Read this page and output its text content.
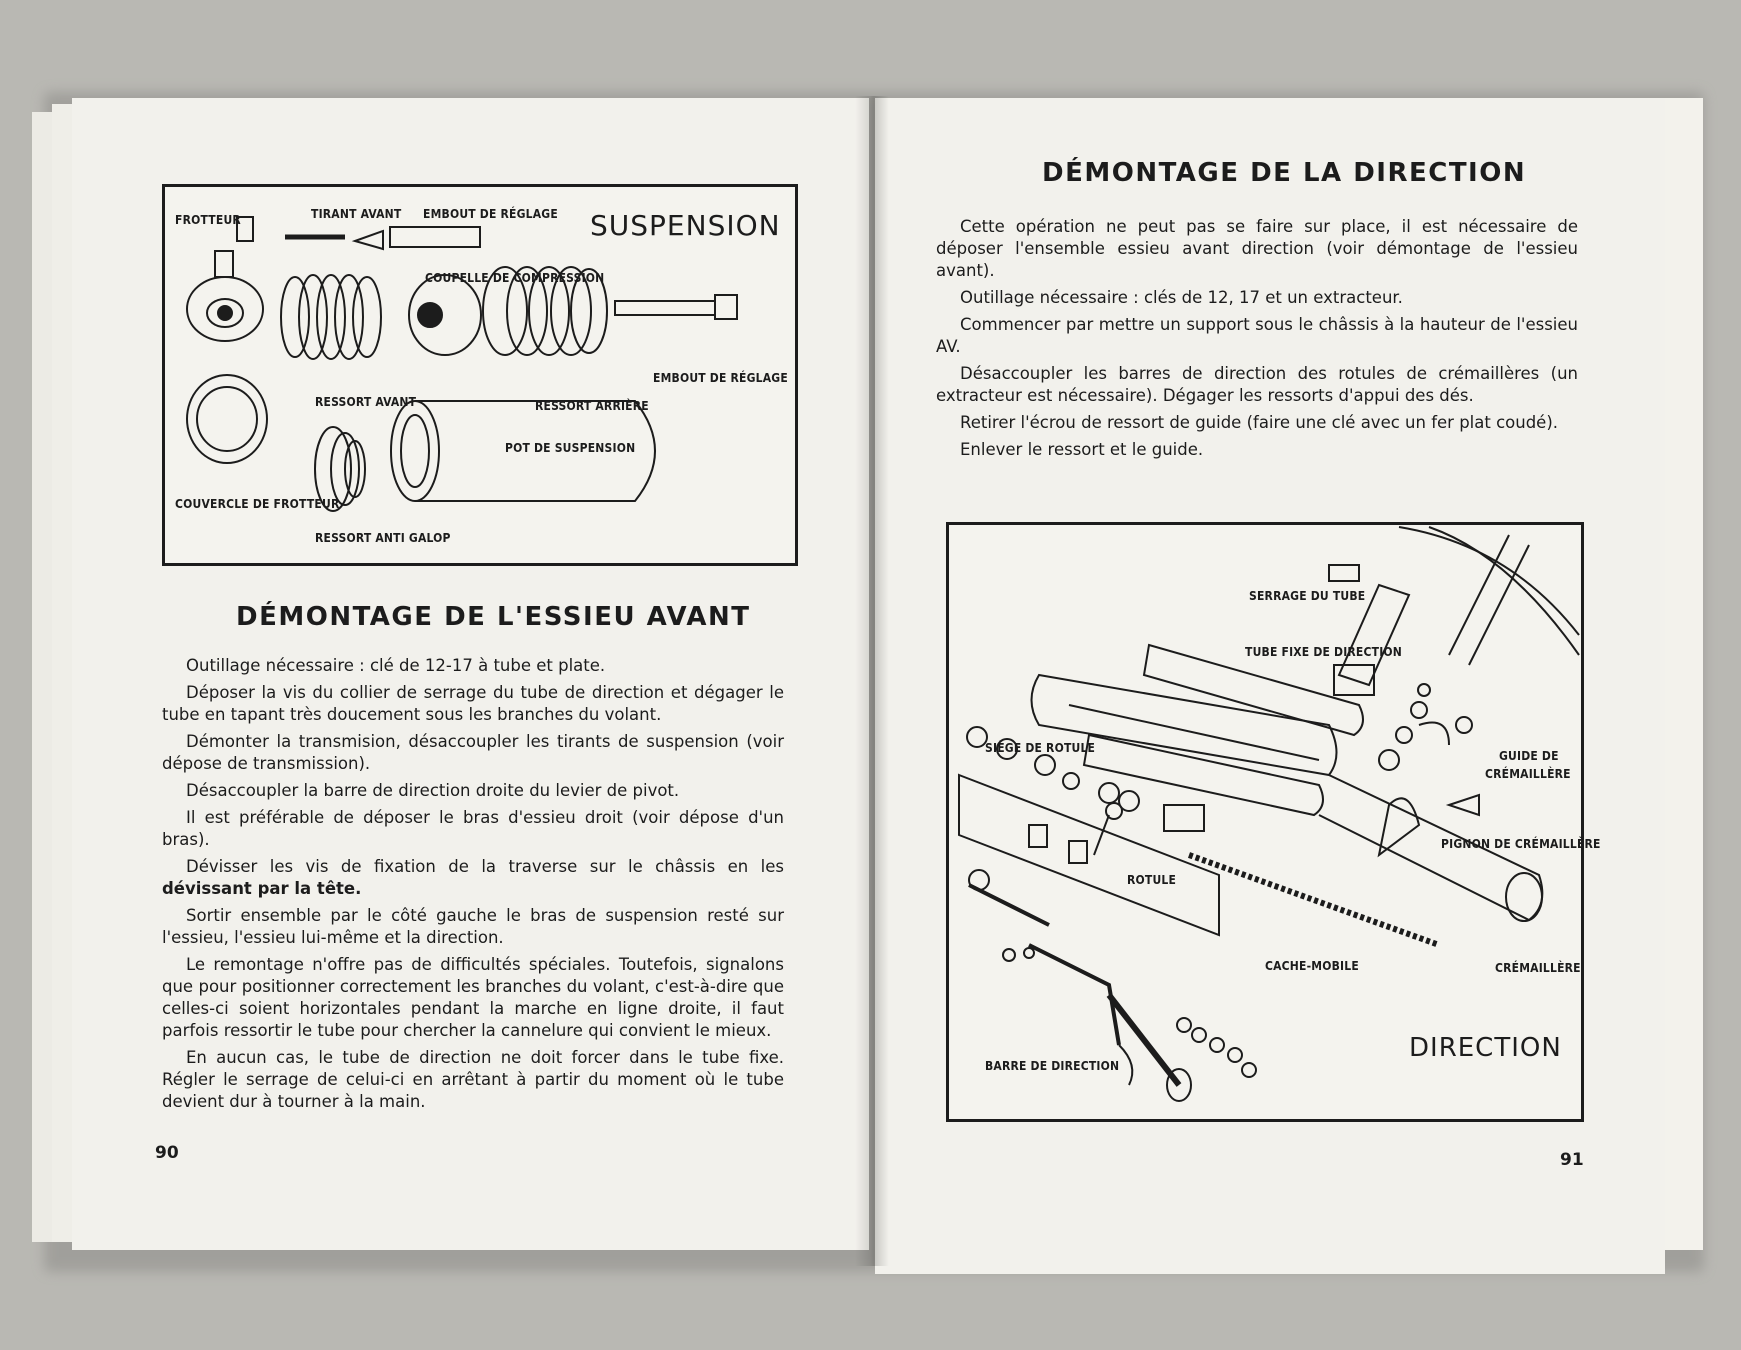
FROTTEUR	TIRANT AVANT EMBOUT DE RÉGLAGE SUSPENSION
COUPELLE DE COMPRESSION
EMBOUT DE RÉGLAGE
RESSORT AVANT	RESSORT ARRIÈRE
POT DE SUSPENSION
COUVERCLE DE FROTTEUR
RESSORT ANTI GALOP
DÉMONTAGE DE L'ESSIEU AVANT

Outillage nécessaire : clé de 12-17 à tube et plate.

Déposer la vis du collier de serrage du tube de direction et dégager le tube en tapant très doucement sous les branches du volant.

Démonter la transmision, désaccoupler les tirants de suspension (voir dépose de transmission).

Désaccoupler la barre de direction droite du levier de pivot.

Il est préférable de déposer le bras d'essieu droit (voir dépose d'un bras).

Dévisser les vis de fixation de la traverse sur le châssis en les dévissant par la tête.

Sortir ensemble par le côté gauche le bras de suspension resté sur l'essieu, l'essieu lui-même et la direction.

Le remontage n'offre pas de difficultés spéciales. Toutefois, signalons que pour positionner correctement les branches du volant, c'est-à-dire que celles-ci soient horizontales pendant la marche en ligne droite, il faut parfois ressortir le tube pour chercher la cannelure qui convient le mieux.

En aucun cas, le tube de direction ne doit forcer dans le tube fixe. Régler le serrage de celui-ci en arrêtant à partir du moment où le tube devient dur à tourner à la main.

90
DÉMONTAGE DE LA DIRECTION

Cette opération ne peut pas se faire sur place, il est nécessaire de déposer l'ensemble essieu avant direction (voir démontage de l'essieu avant).

Outillage nécessaire : clés de 12, 17 et un extracteur.

Commencer par mettre un support sous le châssis à la hauteur de l'essieu AV.

Désaccoupler les barres de direction des rotules de crémaillères (un extracteur est nécessaire). Dégager les ressorts d'appui des dés.

Retirer l'écrou de ressort de guide (faire une clé avec un fer plat coudé).

Enlever le ressort et le guide.

SERRAGE DU TUBE
TUBE FIXE DE DIRECTION
SIÈGE DE ROTULE
GUIDE DE
CRÉMAILLÈRE
PIGNON DE CRÉMAILLÈRE
ROTULE
CACHE-MOBILE	CRÉMAILLÈRE
BARRE DE DIRECTION
DIRECTION
91
